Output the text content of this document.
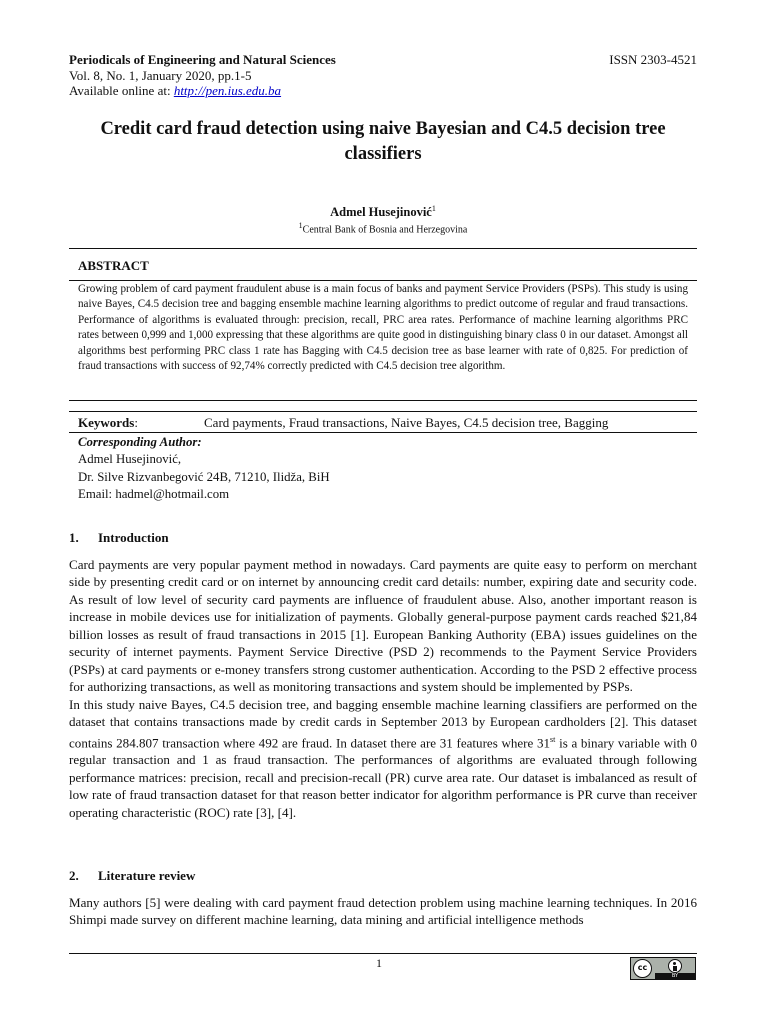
Periodicals of Engineering and Natural Sciences	ISSN 2303-4521
Vol. 8, No. 1, January 2020, pp.1-5
Available online at: http://pen.ius.edu.ba
Credit card fraud detection using naive Bayesian and C4.5 decision tree classifiers
Admel Husejinović$^1$
$^1$Central Bank of Bosnia and Herzegovina
ABSTRACT
Growing problem of card payment fraudulent abuse is a main focus of banks and payment Service Providers (PSPs). This study is using naive Bayes, C4.5 decision tree and bagging ensemble machine learning algorithms to predict outcome of regular and fraud transactions. Performance of algorithms is evaluated through: precision, recall, PRC area rates. Performance of machine learning algorithms PRC rates between 0,999 and 1,000 expressing that these algorithms are quite good in distinguishing binary class 0 in our dataset. Amongst all algorithms best performing PRC class 1 rate has Bagging with C4.5 decision tree as base learner with rate of 0,825. For prediction of fraud transactions with success of 92,74% correctly predicted with C4.5 decision tree algorithm.
Keywords:	Card payments, Fraud transactions, Naive Bayes, C4.5 decision tree, Bagging
Corresponding Author:
Admel Husejinović,
Dr. Silve Rizvanbegović 24B, 71210, Ilidža, BiH
Email: hadmel@hotmail.com
1. Introduction

Card payments are very popular payment method in nowadays. Card payments are quite easy to perform on merchant side by presenting credit card or on internet by announcing credit card details: number, expiring date and security code. As result of low level of security card payments are influence of fraudulent abuse. Also, another important reason is increase in mobile devices use for initialization of payments. Globally general-purpose payment cards reached $21,84 billion losses as result of fraud transactions in 2015 [1]. European Banking Authority (EBA) issues guidelines on the security of internet payments. Payment Service Directive (PSD 2) recommends to the Payment Service Providers (PSPs) at card payments or e-money transfers strong customer authentication. According to the PSD 2 effective process for authorizing transactions, as well as monitoring transactions and system should be implemented by PSPs.

In this study naive Bayes, C4.5 decision tree, and bagging ensemble machine learning classifiers are performed on the dataset that contains transactions made by credit cards in September 2013 by European cardholders [2]. This dataset contains 284.807 transaction where 492 are fraud. In dataset there are 31 features where 31st is a binary variable with 0 regular transaction and 1 as fraud transaction. The performances of algorithms are evaluated through following performance matrices: precision, recall and precision-recall (PR) curve area rate. Our dataset is imbalanced as result of low rate of fraud transaction dataset for that reason better indicator for algorithm performance is PR curve than receiver operating characteristic (ROC) rate [3], [4].

2. Literature review

Many authors [5] were dealing with card payment fraud detection problem using machine learning techniques. In 2016 Shimpi made survey on different machine learning, data mining and artificial intelligence methods

1	cc
BY
